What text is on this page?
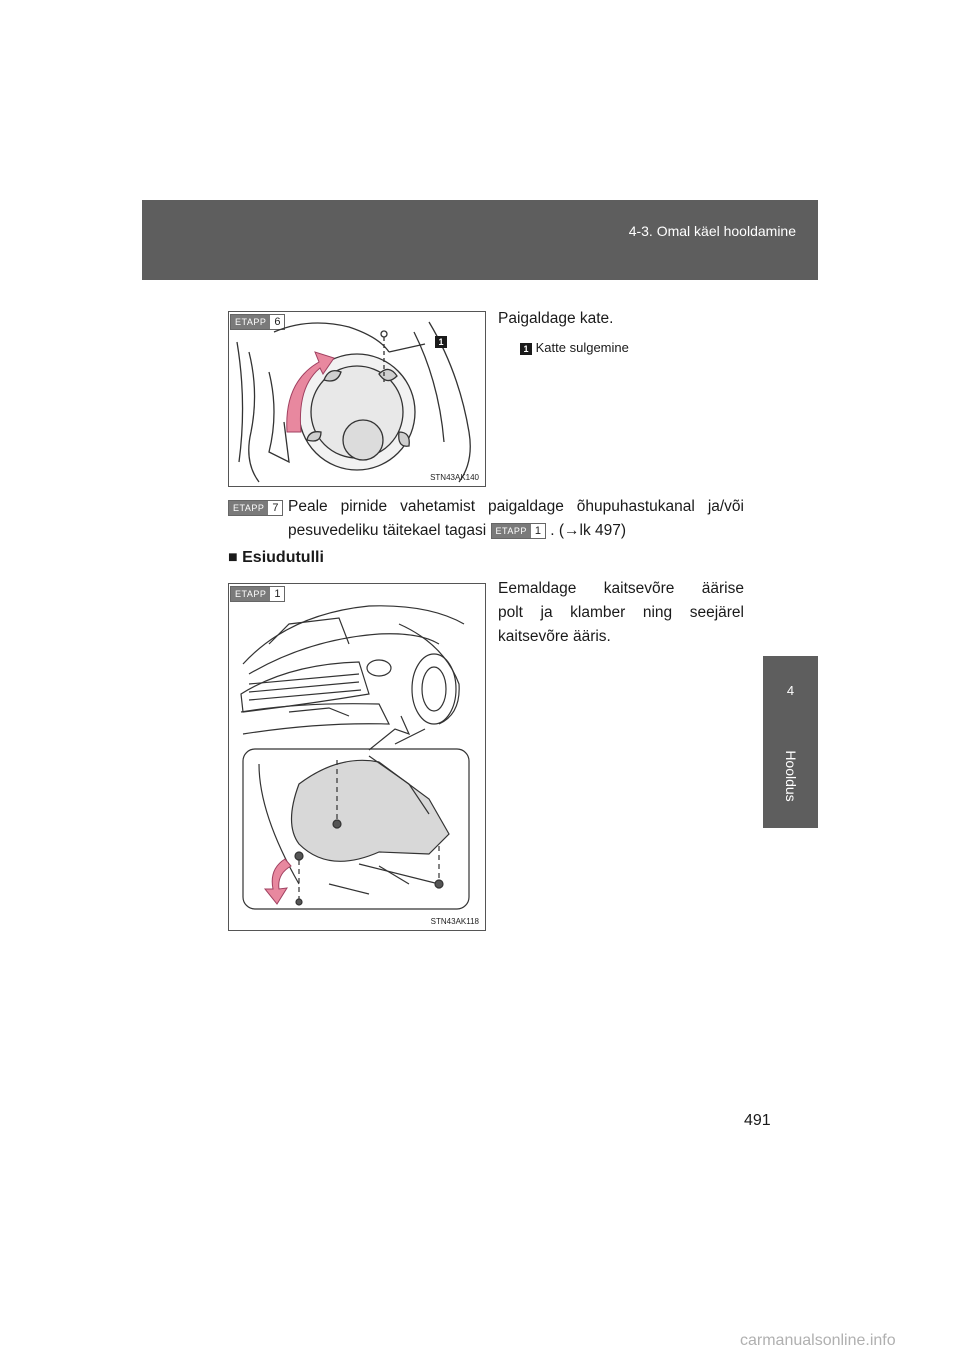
4-3. Omal käel hooldamine
4
Hooldus
ETAPP 6
1
STN43AK140
Paigaldage kate.
1 Katte sulgemine
ETAPP 7 Peale pirnide vahetamist paigaldage õhupuhastukanal ja/või
pesuvedeliku täitekael tagasi	ETAPP 1 . (→lk 497)
■ Esiudutulli
ETAPP 1
STN43AK118
Eemaldage kaitsevõre äärise
polt ja klamber ning seejärel
kaitsevõre ääris.
491
carmanualsonline.info
